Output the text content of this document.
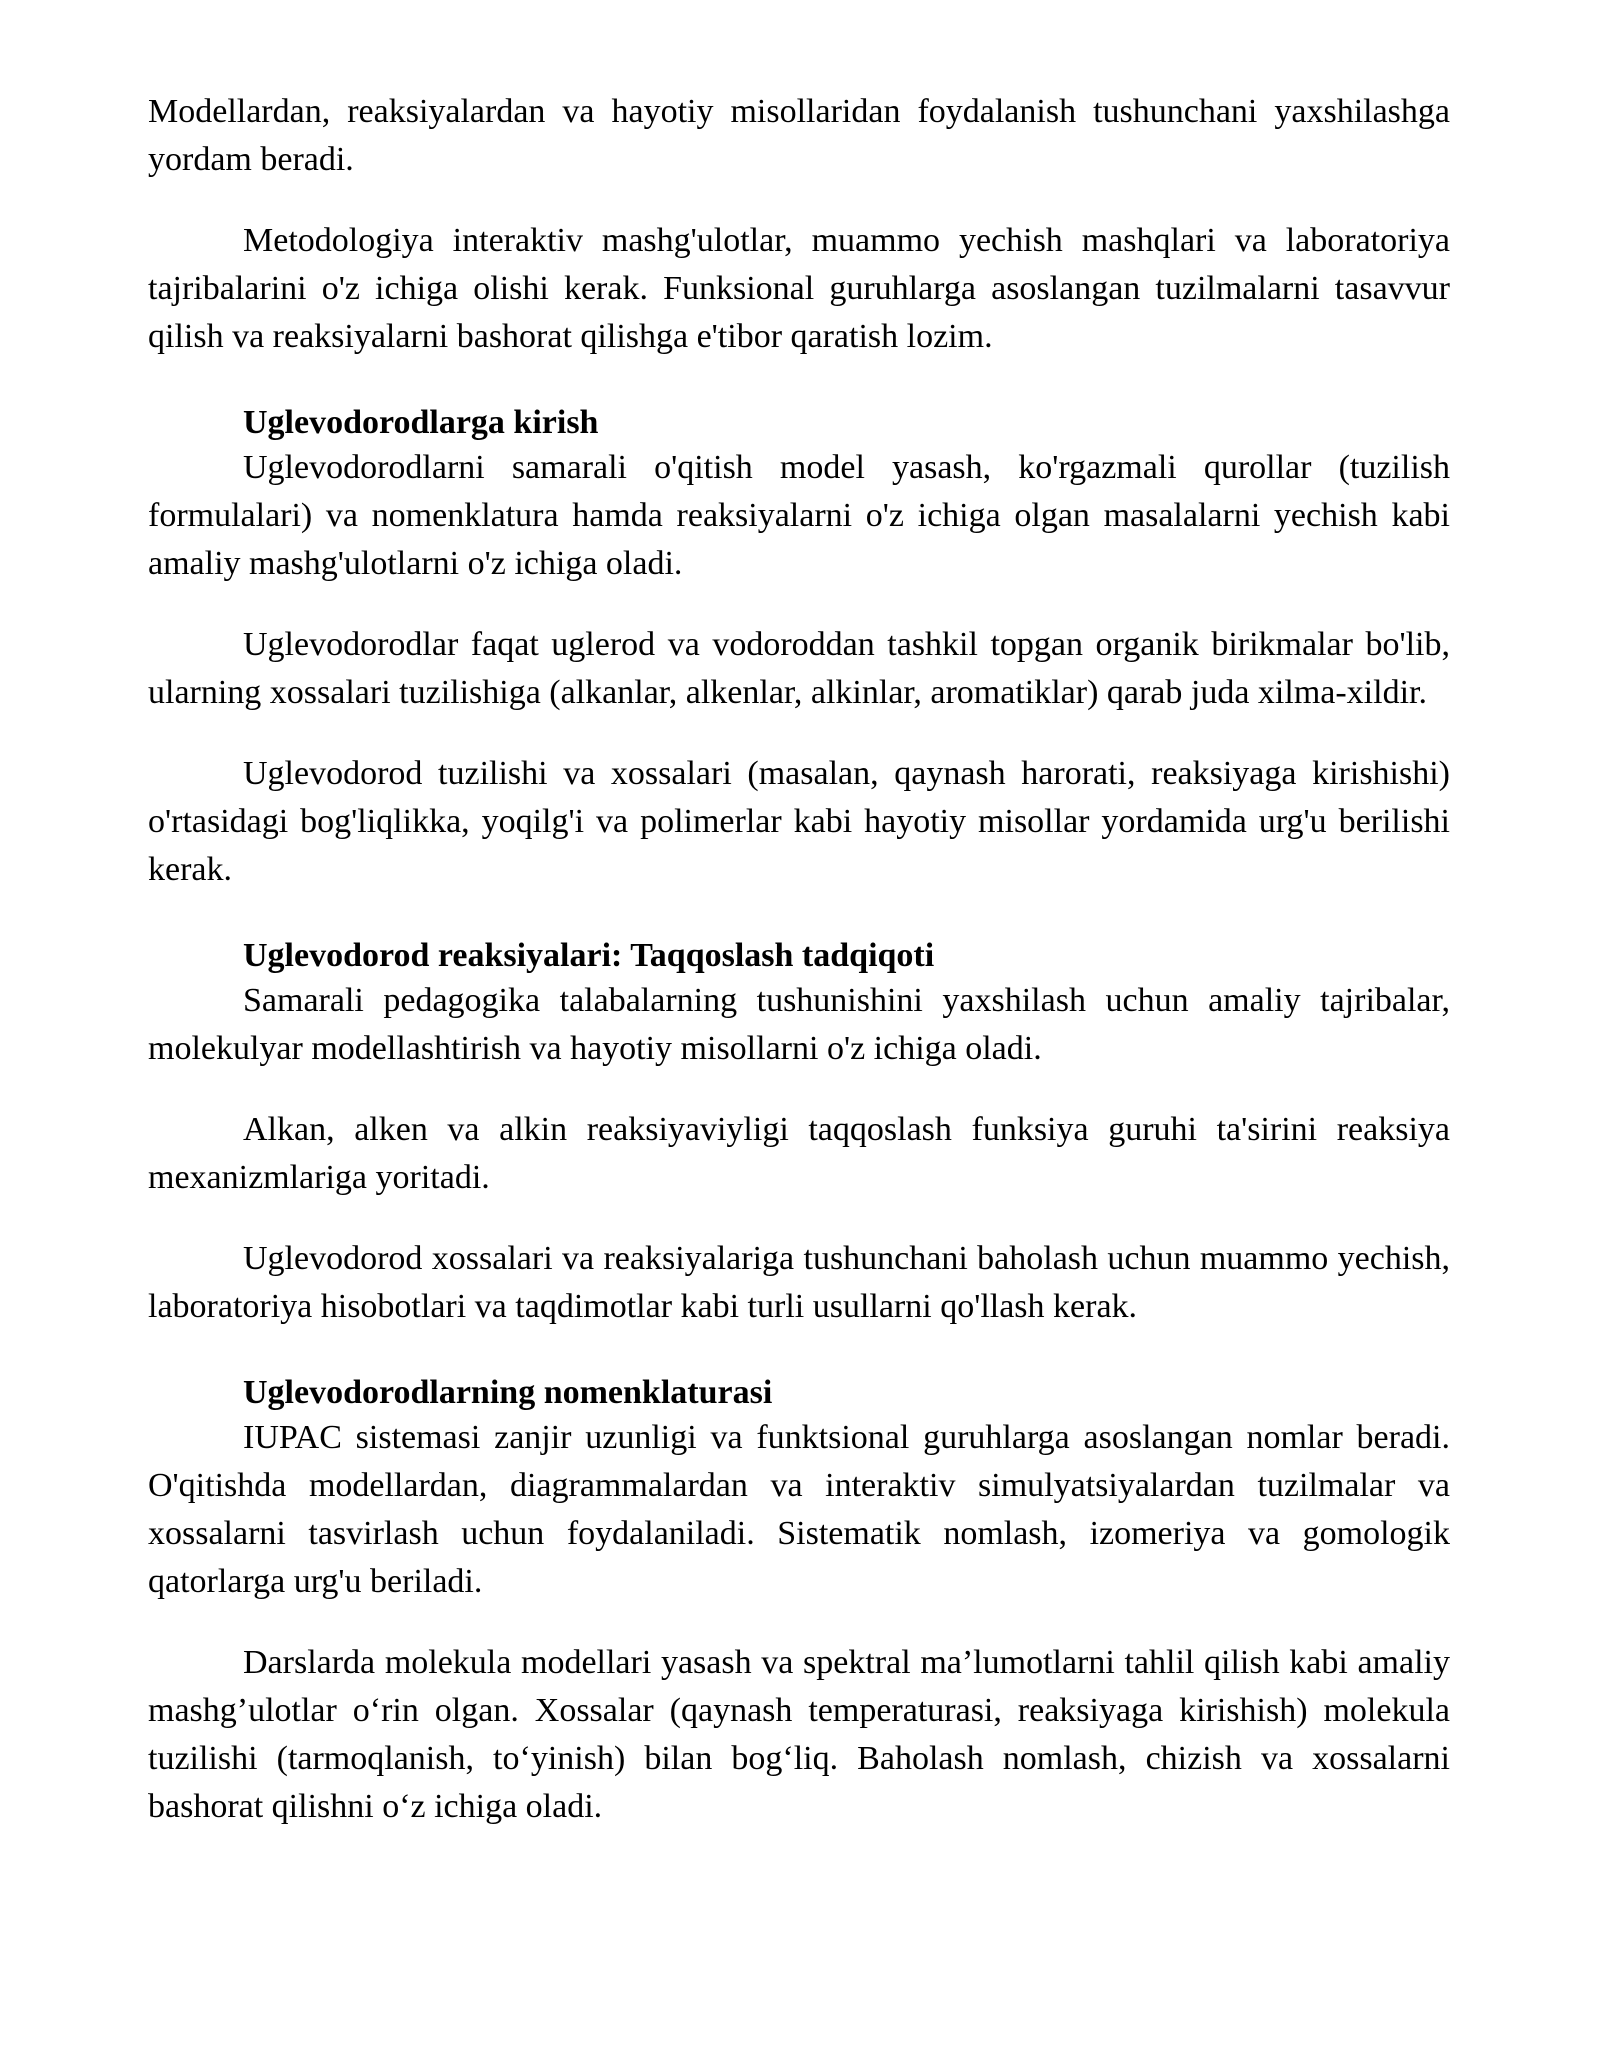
Modellardan, reaksiyalardan va hayotiy misollaridan foydalanish tushunchani yaxshilashga yordam beradi.

Metodologiya interaktiv mashg'ulotlar, muammo yechish mashqlari va laboratoriya tajribalarini o'z ichiga olishi kerak. Funksional guruhlarga asoslangan tuzilmalarni tasavvur qilish va reaksiyalarni bashorat qilishga e'tibor qaratish lozim.

Uglevodorodlarga kirish

Uglevodorodlarni samarali o'qitish model yasash, ko'rgazmali qurollar (tuzilish formulalari) va nomenklatura hamda reaksiyalarni o'z ichiga olgan masalalarni yechish kabi amaliy mashg'ulotlarni o'z ichiga oladi.

Uglevodorodlar faqat uglerod va vodoroddan tashkil topgan organik birikmalar bo'lib, ularning xossalari tuzilishiga (alkanlar, alkenlar, alkinlar, aromatiklar) qarab juda xilma-xildir.

Uglevodorod tuzilishi va xossalari (masalan, qaynash harorati, reaksiyaga kirishishi) o'rtasidagi bog'liqlikka, yoqilg'i va polimerlar kabi hayotiy misollar yordamida urg'u berilishi kerak.

Uglevodorod reaksiyalari: Taqqoslash tadqiqoti

Samarali pedagogika talabalarning tushunishini yaxshilash uchun amaliy tajribalar, molekulyar modellashtirish va hayotiy misollarni o'z ichiga oladi.

Alkan, alken va alkin reaksiyaviyligi taqqoslash funksiya guruhi ta'sirini reaksiya mexanizmlariga yoritadi.

Uglevodorod xossalari va reaksiyalariga tushunchani baholash uchun muammo yechish, laboratoriya hisobotlari va taqdimotlar kabi turli usullarni qo'llash kerak.

Uglevodorodlarning nomenklaturasi

IUPAC sistemasi zanjir uzunligi va funktsional guruhlarga asoslangan nomlar beradi. O'qitishda modellardan, diagrammalardan va interaktiv simulyatsiyalardan tuzilmalar va xossalarni tasvirlash uchun foydalaniladi. Sistematik nomlash, izomeriya va gomologik qatorlarga urg'u beriladi.

Darslarda molekula modellari yasash va spektral ma’lumotlarni tahlil qilish kabi amaliy mashg’ulotlar o‘rin olgan. Xossalar (qaynash temperaturasi, reaksiyaga kirishish) molekula tuzilishi (tarmoqlanish, to‘yinish) bilan bog‘liq. Baholash nomlash, chizish va xossalarni bashorat qilishni o‘z ichiga oladi.
